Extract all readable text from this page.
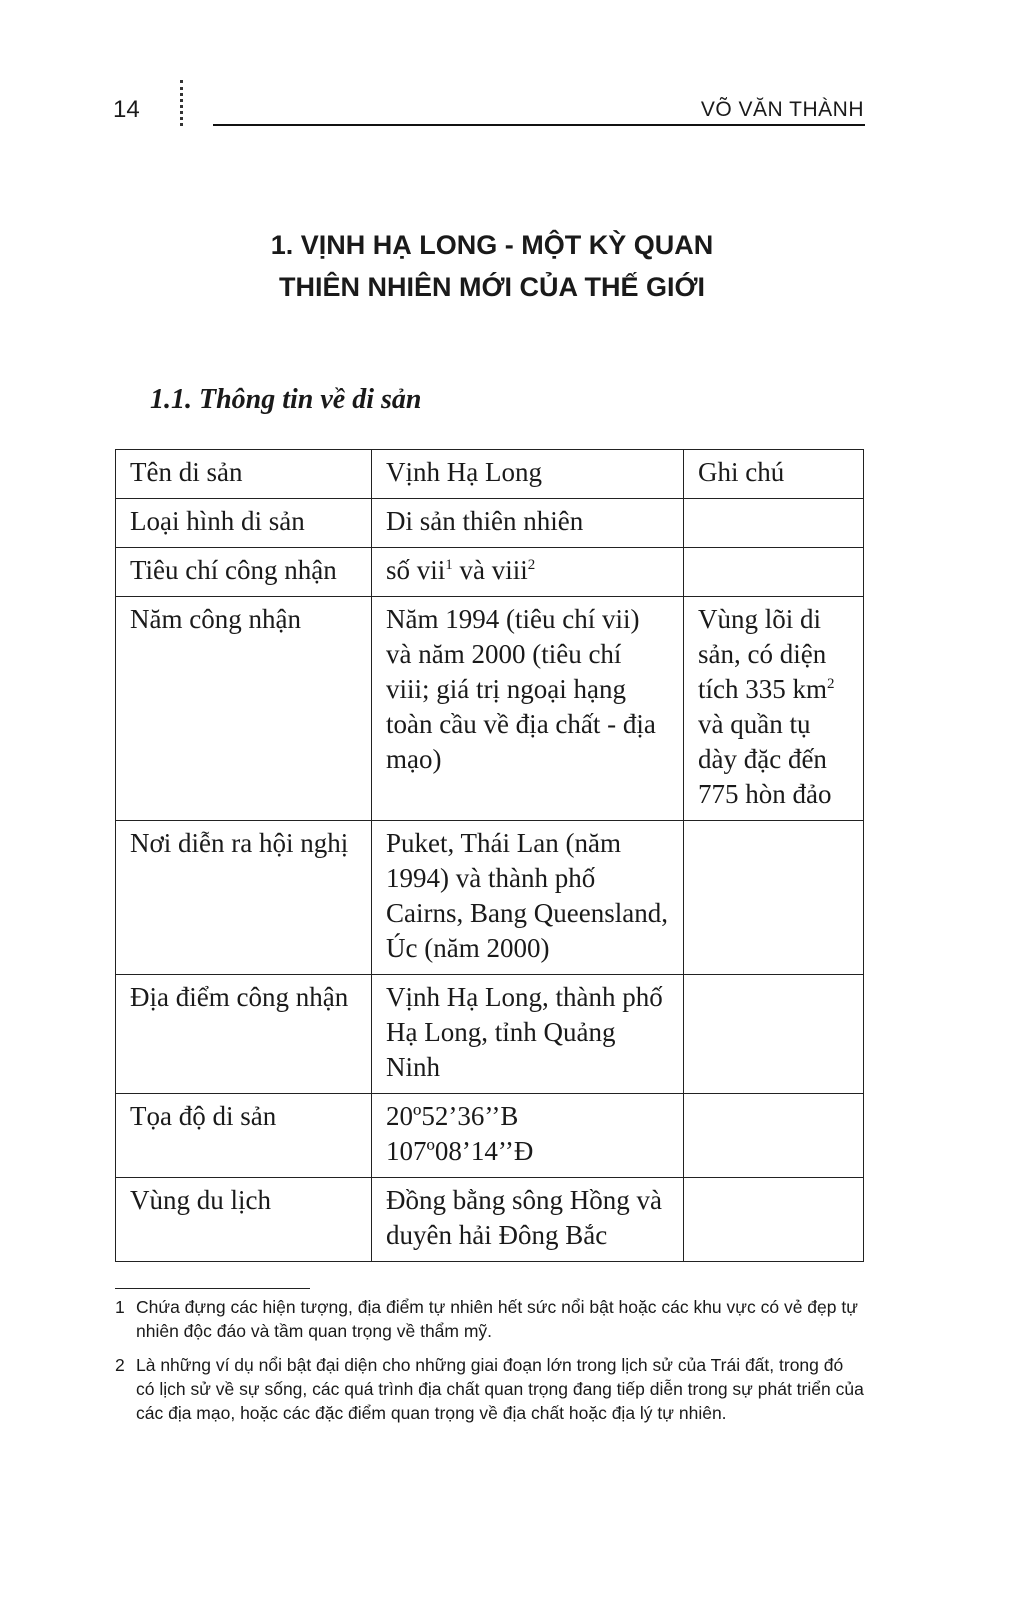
14	VÕ VĂN THÀNH
1. VỊNH HẠ LONG - MỘT KỲ QUAN
THIÊN NHIÊN MỚI CỦA THẾ GIỚI
1.1. Thông tin về di sản
Tên di sản	Vịnh Hạ Long	Ghi chú
Loại hình di sản	Di sản thiên nhiên	
Tiêu chí công nhận	số vii$^1$ và viii$^2$	
Năm công nhận	Năm 1994 (tiêu chí vii) và năm 2000 (tiêu chí viii; giá trị ngoại hạng toàn cầu về địa chất - địa mạo)	Vùng lõi di sản, có diện tích 335 $km^2$ và quần tụ dày đặc đến 775 hòn đảo
Nơi diễn ra hội nghị	Puket, Thái Lan (năm 1994) và thành phố Cairns, Bang Queensland, Úc (năm 2000)	
Địa điểm công nhận	Vịnh Hạ Long, thành phố Hạ Long, tỉnh Quảng Ninh	
Tọa độ di sản	20º52’36’’B 107º08’14’’Đ	
Vùng du lịch	Đồng bằng sông Hồng và duyên hải Đông Bắc	
1 Chứa đựng các hiện tượng, địa điểm tự nhiên hết sức nổi bật hoặc các khu vực có vẻ đẹp tự nhiên độc đáo và tầm quan trọng về thẩm mỹ.
2 Là những ví dụ nổi bật đại diện cho những giai đoạn lớn trong lịch sử của Trái đất, trong đó có lịch sử về sự sống, các quá trình địa chất quan trọng đang tiếp diễn trong sự phát triển của các địa mạo, hoặc các đặc điểm quan trọng về địa chất hoặc địa lý tự nhiên.
